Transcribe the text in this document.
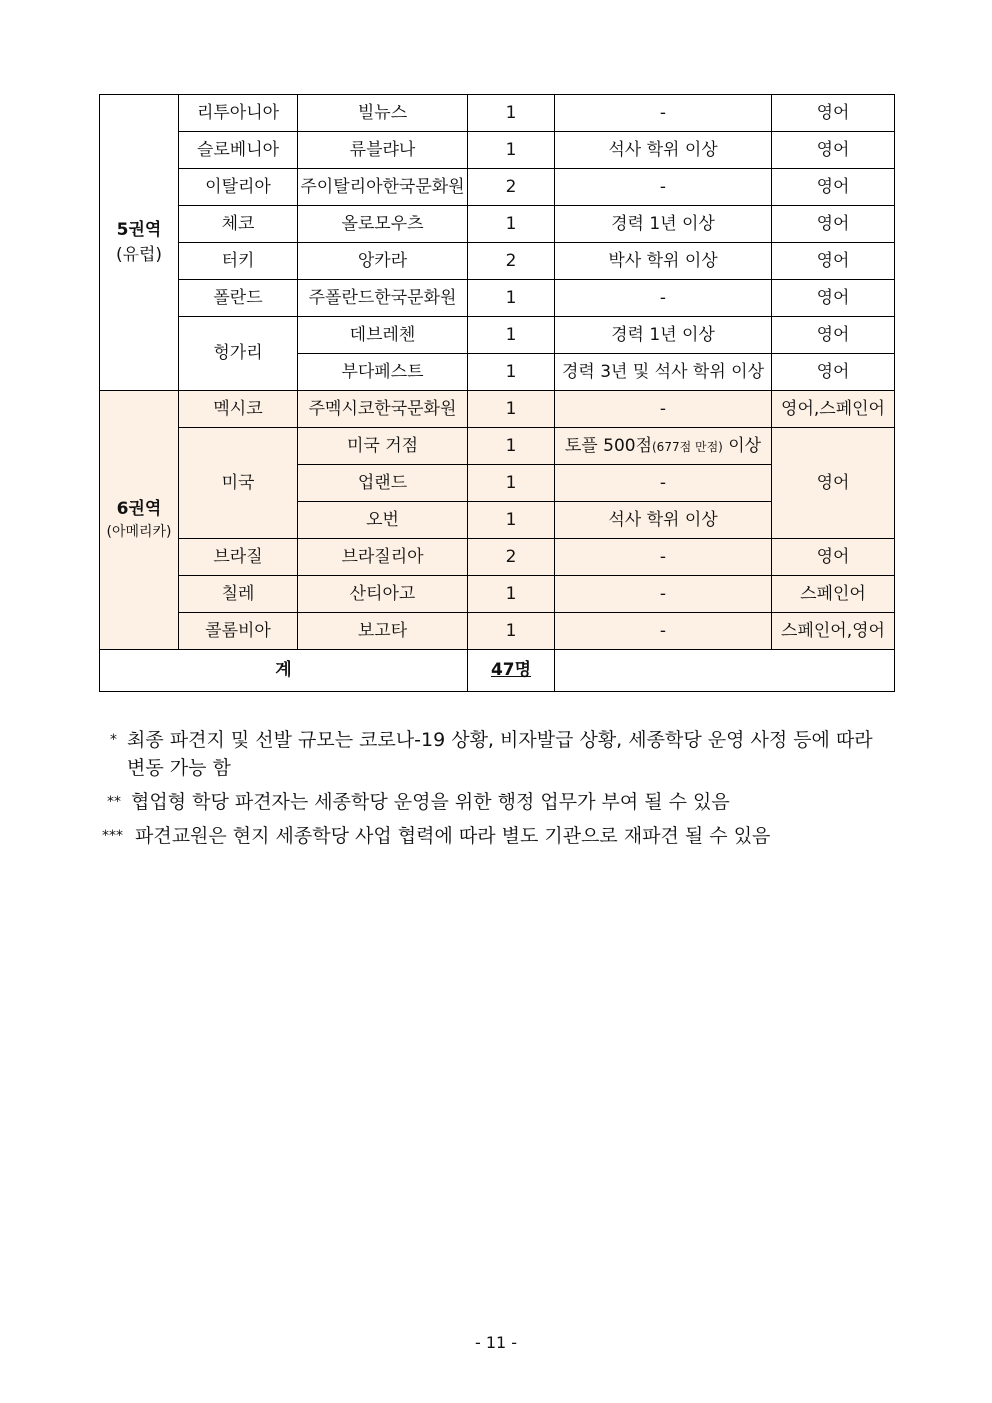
5권역
(유럽)	리투아니아	빌뉴스	1	-	영어
	슬로베니아	류블랴나	1	석사 학위 이상	영어
	이탈리아	주이탈리아한국문화원	2	-	영어
	체코	올로모우츠	1	경력 1년 이상	영어
	터키	앙카라	2	박사 학위 이상	영어
	폴란드	주폴란드한국문화원	1	-	영어
	헝가리	데브레첸	1	경력 1년 이상	영어
		부다페스트	1	경력 3년 및 석사 학위 이상	영어

6권역
(아메리카)	멕시코	주멕시코한국문화원	1	-	영어,스페인어
	미국	미국 거점	1	토플 500점(677점 만점) 이상	영어
		업랜드	1	-	
		오번	1	석사 학위 이상	
	브라질	브라질리아	2	-	영어
	칠레	산티아고	1	-	스페인어
	콜롬비아	보고타	1	-	스페인어,영어
계			47명		
* 최종 파견지 및 선발 규모는 코로나-19 상황, 비자발급 상황, 세종학당 운영 사정 등에 따라 변동 가능 함
** 협업형 학당 파견자는 세종학당 운영을 위한 행정 업무가 부여 될 수 있음
*** 파견교원은 현지 세종학당 사업 협력에 따라 별도 기관으로 재파견 될 수 있음
- 11 -
